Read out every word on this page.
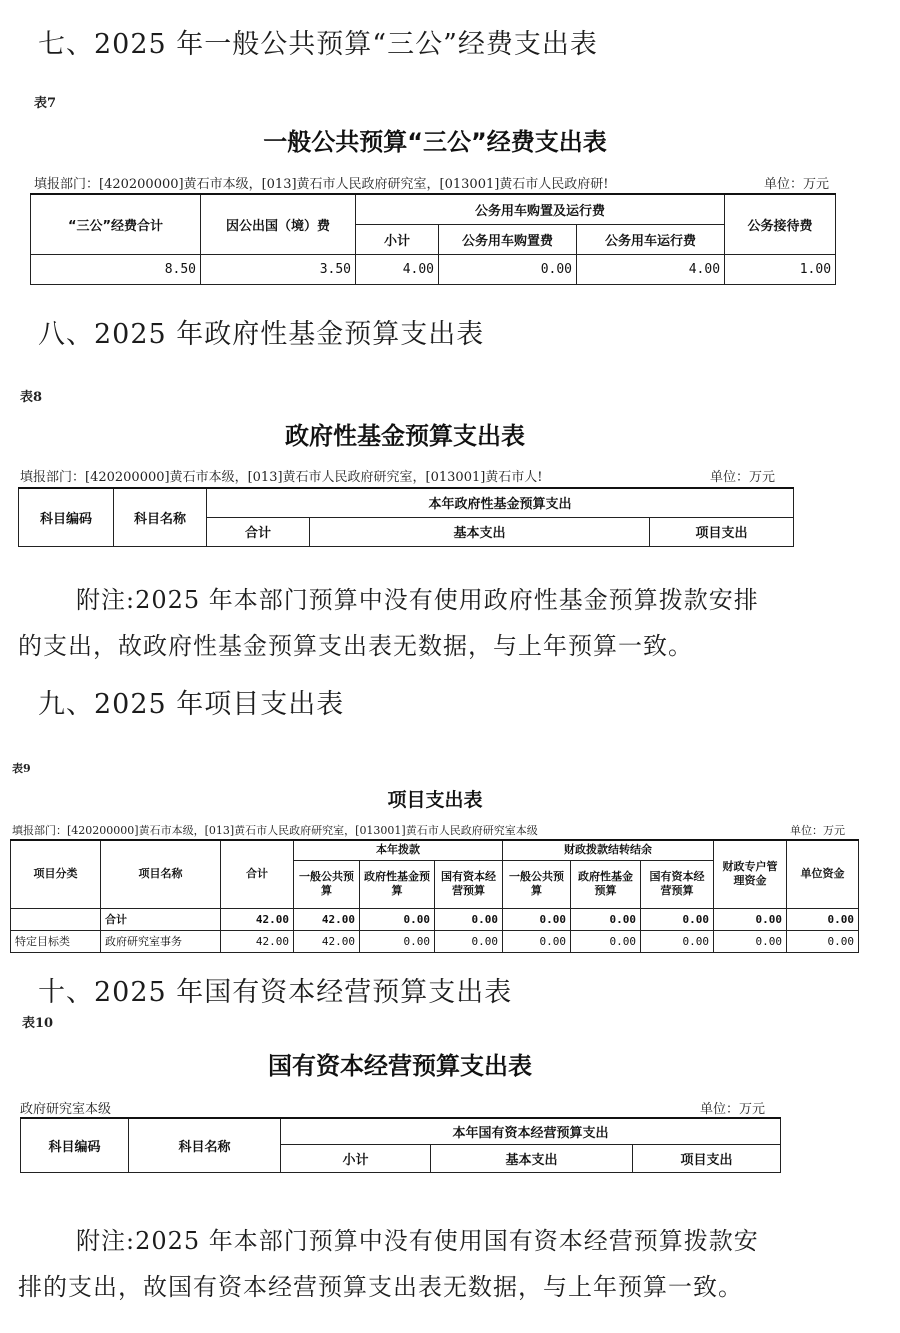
七、2025 年一般公共预算“三公”经费支出表
表7
一般公共预算“三公”经费支出表
填报部门：[420200000]黄石市本级，[013]黄石市人民政府研究室，[013001]黄石市人民政府研!	单位：万元
“三公”经费合计	因公出国（境）费	公务用车购置及运行费			公务接待费
		小计	公务用车购置费	公务用车运行费	
8.50	3.50	4.00	0.00	4.00	1.00
八、2025 年政府性基金预算支出表
表8
政府性基金预算支出表
填报部门：[420200000]黄石市本级，[013]黄石市人民政府研究室，[013001]黄石市人!	单位：万元
科目编码	科目名称	本年政府性基金预算支出		
		合计	基本支出	项目支出
附注:2025 年本部门预算中没有使用政府性基金预算拨款安排
的支出，故政府性基金预算支出表无数据，与上年预算一致。
九、2025 年项目支出表
表9
项目支出表
填报部门：[420200000]黄石市本级，[013]黄石市人民政府研究室，[013001]黄石市人民政府研究室本级	单位：万元
项目分类	项目名称	合计	本年拨款			财政拨款结转结余			财政专户管理资金	单位资金
			一般公共预算	政府性基金预算	国有资本经营预算	一般公共预算	政府性基金预算	国有资本经营预算		
	合计	42.00	42.00	0.00	0.00	0.00	0.00	0.00	0.00	0.00
特定目标类	政府研究室事务	42.00	42.00	0.00	0.00	0.00	0.00	0.00	0.00	0.00
十、2025 年国有资本经营预算支出表
表10
国有资本经营预算支出表
政府研究室本级	单位：万元
科目编码	科目名称	本年国有资本经营预算支出		
		小计	基本支出	项目支出
附注:2025 年本部门预算中没有使用国有资本经营预算拨款安
排的支出，故国有资本经营预算支出表无数据，与上年预算一致。
